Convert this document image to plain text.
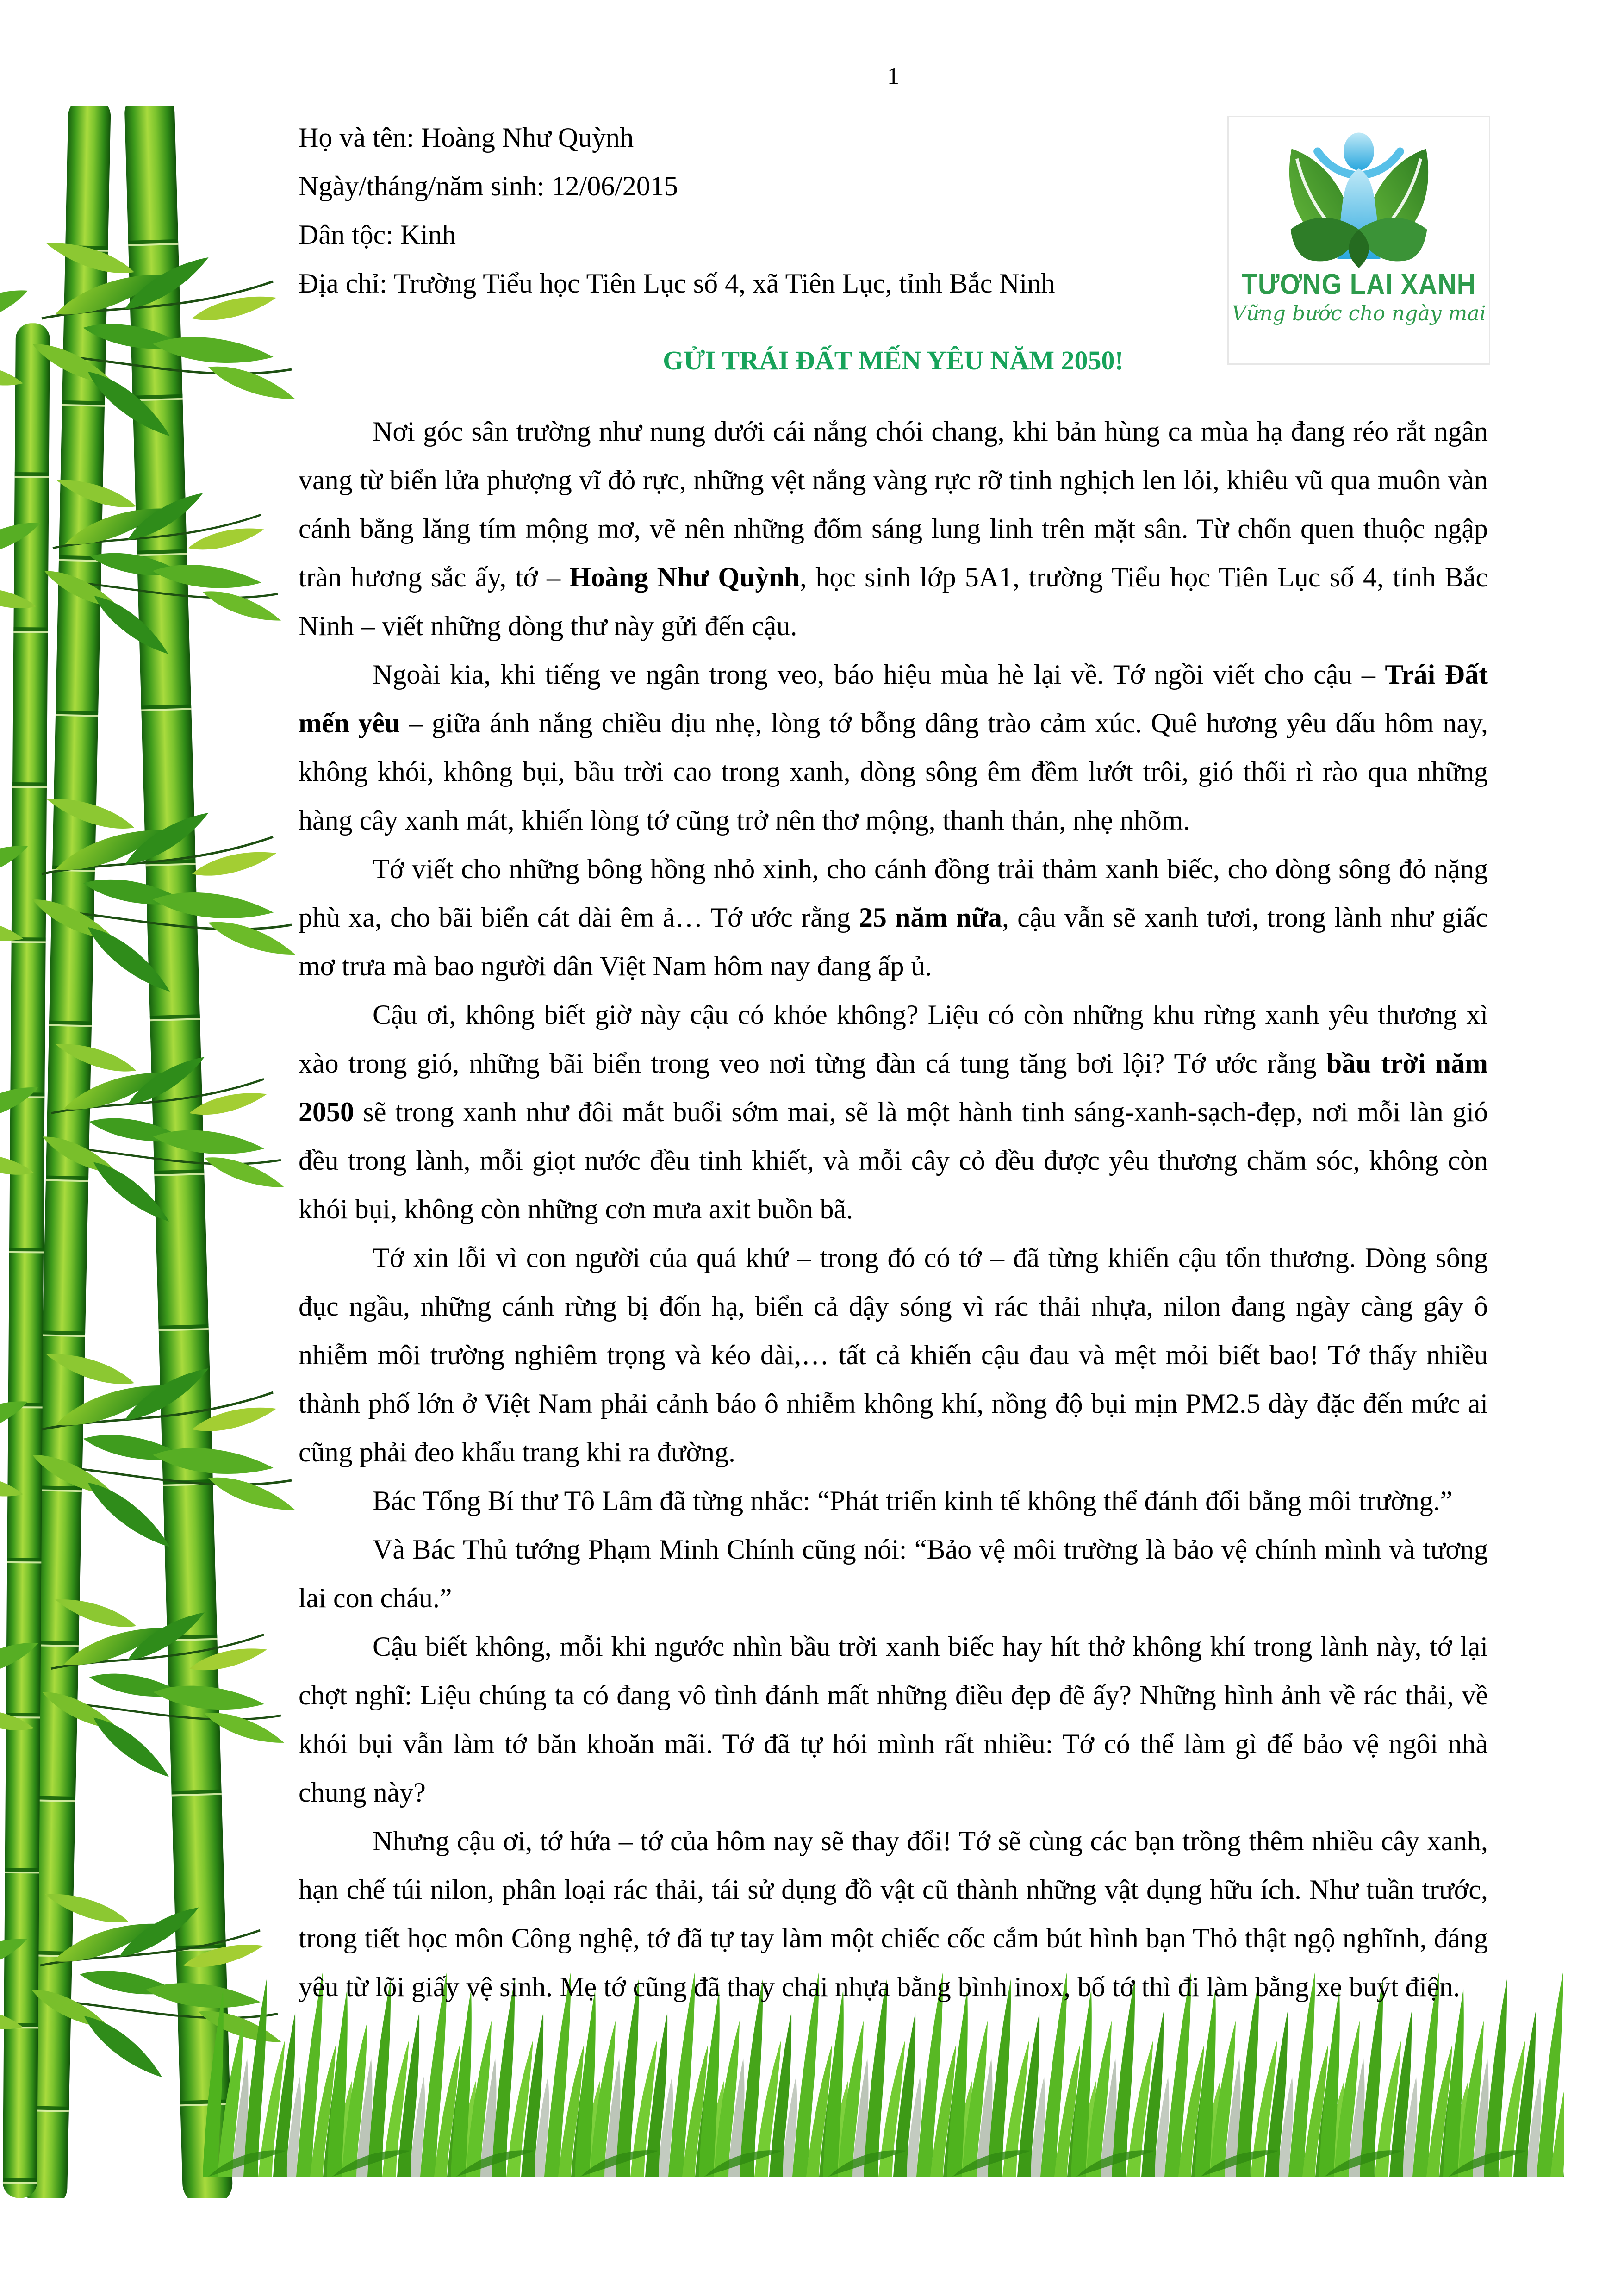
1
Họ và tên: Hoàng Như Quỳnh
Ngày/tháng/năm sinh: 12/06/2015
Dân tộc: Kinh
Địa chỉ: Trường Tiểu học Tiên Lục số 4, xã Tiên Lục, tỉnh Bắc Ninh	TƯƠNG LAI XANH
Vững bước cho ngày mai
GỬI TRÁI ĐẤT MẾN YÊU NĂM 2050!

Nơi góc sân trường như nung dưới cái nắng chói chang, khi bản hùng ca mùa hạ đang réo rắt ngân vang từ biển lửa phượng vĩ đỏ rực, những vệt nắng vàng rực rỡ tinh nghịch len lỏi, khiêu vũ qua muôn vàn cánh bằng lăng tím mộng mơ, vẽ nên những đốm sáng lung linh trên mặt sân. Từ chốn quen thuộc ngập tràn hương sắc ấy, tớ – Hoàng Như Quỳnh, học sinh lớp 5A1, trường Tiểu học Tiên Lục số 4, tỉnh Bắc Ninh – viết những dòng thư này gửi đến cậu.

Ngoài kia, khi tiếng ve ngân trong veo, báo hiệu mùa hè lại về. Tớ ngồi viết cho cậu – Trái Đất mến yêu – giữa ánh nắng chiều dịu nhẹ, lòng tớ bỗng dâng trào cảm xúc. Quê hương yêu dấu hôm nay, không khói, không bụi, bầu trời cao trong xanh, dòng sông êm đềm lướt trôi, gió thổi rì rào qua những hàng cây xanh mát, khiến lòng tớ cũng trở nên thơ mộng, thanh thản, nhẹ nhõm.

Tớ viết cho những bông hồng nhỏ xinh, cho cánh đồng trải thảm xanh biếc, cho dòng sông đỏ nặng phù xa, cho bãi biển cát dài êm ả… Tớ ước rằng 25 năm nữa, cậu vẫn sẽ xanh tươi, trong lành như giấc mơ trưa mà bao người dân Việt Nam hôm nay đang ấp ủ.

Cậu ơi, không biết giờ này cậu có khỏe không? Liệu có còn những khu rừng xanh yêu thương xì xào trong gió, những bãi biển trong veo nơi từng đàn cá tung tăng bơi lội? Tớ ước rằng bầu trời năm 2050 sẽ trong xanh như đôi mắt buổi sớm mai, sẽ là một hành tinh sáng-xanh-sạch-đẹp, nơi mỗi làn gió đều trong lành, mỗi giọt nước đều tinh khiết, và mỗi cây cỏ đều được yêu thương chăm sóc, không còn khói bụi, không còn những cơn mưa axit buồn bã.

Tớ xin lỗi vì con người của quá khứ – trong đó có tớ – đã từng khiến cậu tổn thương. Dòng sông đục ngầu, những cánh rừng bị đốn hạ, biển cả dậy sóng vì rác thải nhựa, nilon đang ngày càng gây ô nhiễm môi trường nghiêm trọng và kéo dài,… tất cả khiến cậu đau và mệt mỏi biết bao! Tớ thấy nhiều thành phố lớn ở Việt Nam phải cảnh báo ô nhiễm không khí, nồng độ bụi mịn PM2.5 dày đặc đến mức ai cũng phải đeo khẩu trang khi ra đường.

Bác Tổng Bí thư Tô Lâm đã từng nhắc: “Phát triển kinh tế không thể đánh đổi bằng môi trường.”

Và Bác Thủ tướng Phạm Minh Chính cũng nói: “Bảo vệ môi trường là bảo vệ chính mình và tương lai con cháu.”

Cậu biết không, mỗi khi ngước nhìn bầu trời xanh biếc hay hít thở không khí trong lành này, tớ lại chợt nghĩ: Liệu chúng ta có đang vô tình đánh mất những điều đẹp đẽ ấy? Những hình ảnh về rác thải, về khói bụi vẫn làm tớ băn khoăn mãi. Tớ đã tự hỏi mình rất nhiều: Tớ có thể làm gì để bảo vệ ngôi nhà chung này?

Nhưng cậu ơi, tớ hứa – tớ của hôm nay sẽ thay đổi! Tớ sẽ cùng các bạn trồng thêm nhiều cây xanh, hạn chế túi nilon, phân loại rác thải, tái sử dụng đồ vật cũ thành những vật dụng hữu ích. Như tuần trước, trong tiết học môn Công nghệ, tớ đã tự tay làm một chiếc cốc cắm bút hình bạn Thỏ thật ngộ nghĩnh, đáng yêu từ lõi giấy vệ sinh. Mẹ tớ cũng đã thay chai nhựa bằng bình inox, bố tớ thì đi làm bằng xe buýt điện.
